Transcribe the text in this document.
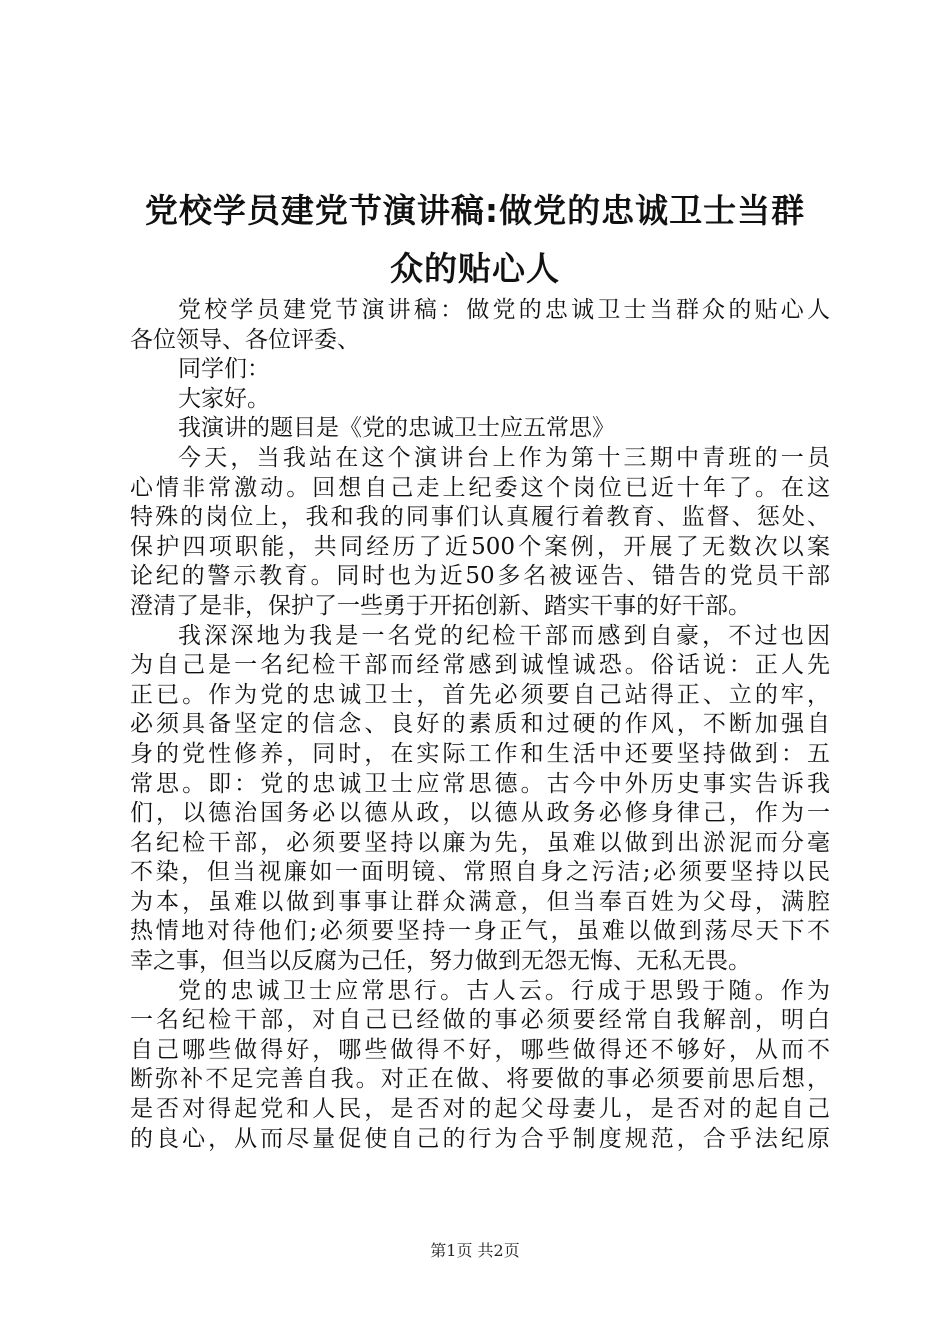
党校学员建党节演讲稿:做党的忠诚卫士当群
众的贴心人
党校学员建党节演讲稿：做党的忠诚卫士当群众的贴心人
各位领导、各位评委、
同学们：
大家好。
我演讲的题目是《党的忠诚卫士应五常思》
今天，当我站在这个演讲台上作为第十三期中青班的一员
心情非常激动。回想自己走上纪委这个岗位已近十年了。在这
特殊的岗位上，我和我的同事们认真履行着教育、监督、惩处、
保护四项职能，共同经历了近500个案例，开展了无数次以案
论纪的警示教育。同时也为近50多名被诬告、错告的党员干部
澄清了是非，保护了一些勇于开拓创新、踏实干事的好干部。
我深深地为我是一名党的纪检干部而感到自豪，不过也因
为自己是一名纪检干部而经常感到诚惶诚恐。俗话说：正人先
正已。作为党的忠诚卫士，首先必须要自己站得正、立的牢，
必须具备坚定的信念、良好的素质和过硬的作风，不断加强自
身的党性修养，同时，在实际工作和生活中还要坚持做到：五
常思。即：党的忠诚卫士应常思德。古今中外历史事实告诉我
们，以德治国务必以德从政，以德从政务必修身律己，作为一
名纪检干部，必须要坚持以廉为先，虽难以做到出淤泥而分毫
不染，但当视廉如一面明镜、常照自身之污洁;必须要坚持以民
为本，虽难以做到事事让群众满意，但当奉百姓为父母，满腔
热情地对待他们;必须要坚持一身正气，虽难以做到荡尽天下不
幸之事，但当以反腐为己任，努力做到无怨无悔、无私无畏。
党的忠诚卫士应常思行。古人云。行成于思毁于随。作为
一名纪检干部，对自己已经做的事必须要经常自我解剖，明白
自己哪些做得好，哪些做得不好，哪些做得还不够好，从而不
断弥补不足完善自我。对正在做、将要做的事必须要前思后想，
是否对得起党和人民，是否对的起父母妻儿，是否对的起自己
的良心，从而尽量促使自己的行为合乎制度规范，合乎法纪原
第1页 共2页
